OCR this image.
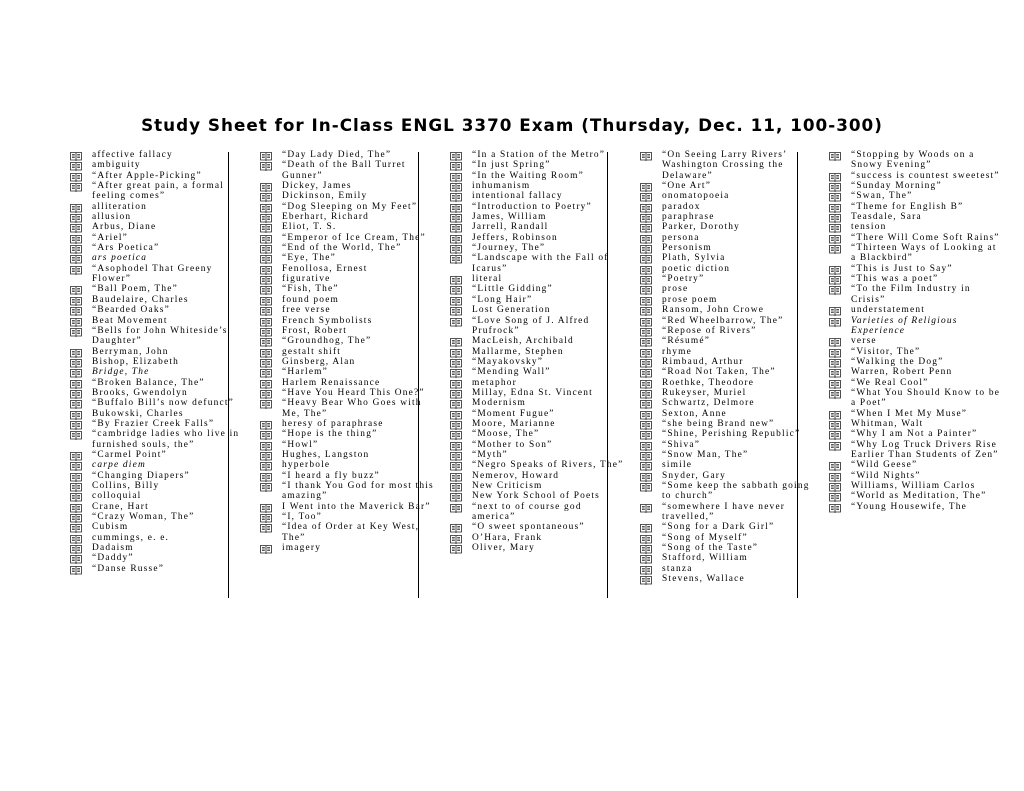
Study Sheet for In-Class ENGL 3370 Exam (Thursday, Dec. 11, 100-300)
affective fallacy
ambiguity
“After Apple-Picking”
“After great pain, a formal feeling comes”
alliteration
allusion
Arbus, Diane
“Ariel”
“Ars Poetica”
ars poetica
“Asophodel That Greeny Flower”
“Ball Poem, The”
Baudelaire, Charles
“Bearded Oaks”
Beat Movement
“Bells for John Whiteside’s Daughter”
Berryman, John
Bishop, Elizabeth
Bridge, The
“Broken Balance, The”
Brooks, Gwendolyn
“Buffalo Bill’s now defunct”
Bukowski, Charles
“By Frazier Creek Falls”
“cambridge ladies who live in furnished souls, the”
“Carmel Point”
carpe diem
“Changing Diapers”
Collins, Billy
colloquial
Crane, Hart
“Crazy Woman, The”
Cubism
cummings, e. e.
Dadaism
“Daddy”
“Danse Russe”
“Day Lady Died, The”
“Death of the Ball Turret Gunner”
Dickey, James
Dickinson, Emily
“Dog Sleeping on My Feet”
Eberhart, Richard
Eliot, T. S.
“Emperor of Ice Cream, The”
“End of the World, The”
“Eye, The”
Fenollosa, Ernest
figurative
“Fish, The”
found poem
free verse
French Symbolists
Frost, Robert
“Groundhog, The”
gestalt shift
Ginsberg, Alan
“Harlem”
Harlem Renaissance
“Have You Heard This One?”
“Heavy Bear Who Goes with Me, The”
heresy of paraphrase
“Hope is the thing”
“Howl”
Hughes, Langston
hyperbole
“I heard a fly buzz”
“I thank You God for most this amazing”
I Went into the Maverick Bar”
“I, Too”
“Idea of Order at Key West, The”
imagery
“In a Station of the Metro”
“In just Spring”
“In the Waiting Room”
inhumanism
intentional fallacy
“Introduction to Poetry”
James, William
Jarrell, Randall
Jeffers, Robinson
“Journey, The”
“Landscape with the Fall of Icarus”
literal
“Little Gidding”
“Long Hair”
Lost Generation
“Love Song of J. Alfred Prufrock”
MacLeish, Archibald
Mallarme, Stephen
“Mayakovsky”
“Mending Wall”
metaphor
Millay, Edna St. Vincent
Modernism
“Moment Fugue”
Moore, Marianne
“Moose, The”
“Mother to Son”
“Myth”
“Negro Speaks of Rivers, The”
Nemerov, Howard
New Criticism
New York School of Poets
“next to of course god america”
“O sweet spontaneous”
O’Hara, Frank
Oliver, Mary
“On Seeing Larry Rivers’ Washington Crossing the Delaware”
“One Art”
onomatopoeia
paradox
paraphrase
Parker, Dorothy
persona
Personism
Plath, Sylvia
poetic diction
“Poetry”
prose
prose poem
Ransom, John Crowe
“Red Wheelbarrow, The”
“Repose of Rivers”
“Résumé”
rhyme
Rimbaud, Arthur
“Road Not Taken, The”
Roethke, Theodore
Rukeyser, Muriel
Schwartz, Delmore
Sexton, Anne
“she being Brand new”
“Shine, Perishing Republic”
“Shiva”
“Snow Man, The”
simile
Snyder, Gary
“Some keep the sabbath going to church”
“somewhere I have never travelled,”
“Song for a Dark Girl”
“Song of Myself”
“Song of the Taste”
Stafford, William
stanza
Stevens, Wallace
“Stopping by Woods on a Snowy Evening”
“success is countest sweetest”
“Sunday Morning”
“Swan, The”
“Theme for English B”
Teasdale, Sara
tension
“There Will Come Soft Rains”
“Thirteen Ways of Looking at a Blackbird”
“This is Just to Say”
“This was a poet”
“To the Film Industry in Crisis”
understatement
Varieties of Religious Experience
verse
“Visitor, The”
“Walking the Dog”
Warren, Robert Penn
“We Real Cool”
“What You Should Know to be a Poet”
“When I Met My Muse”
Whitman, Walt
“Why I am Not a Painter”
“Why Log Truck Drivers Rise Earlier Than Students of Zen”
“Wild Geese”
“Wild Nights”
Williams, William Carlos
“World as Meditation, The”
“Young Housewife, The
